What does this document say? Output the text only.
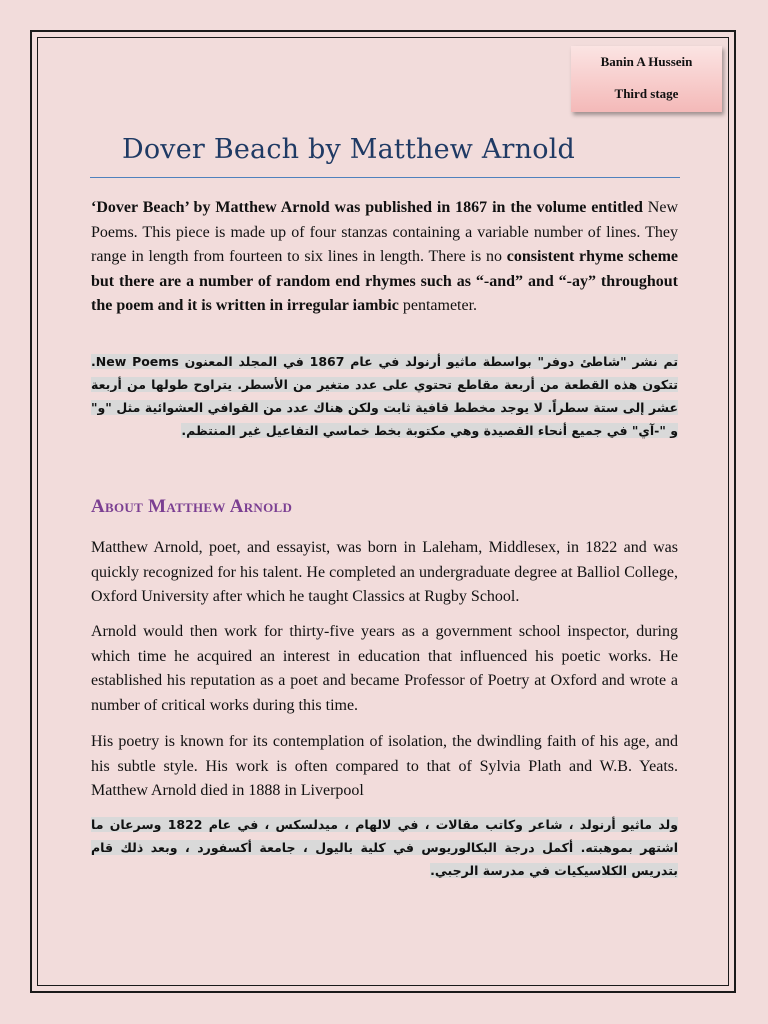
Banin A Hussein
Third stage
Dover Beach by Matthew Arnold

‘Dover Beach’ by Matthew Arnold was published in 1867 in the volume entitled New Poems. This piece is made up of four stanzas containing a variable number of lines. They range in length from fourteen to six lines in length. There is no consistent rhyme scheme but there are a number of random end rhymes such as “-and” and “-ay” throughout the poem and it is written in irregular iambic pentameter.

تم نشر "شاطئ دوفر" بواسطة ماثيو أرنولد في عام 1867 في المجلد المعنون New Poems. تتكون هذه القطعة من أربعة مقاطع تحتوي على عدد متغير من الأسطر. يتراوح طولها من أربعة عشر إلى ستة سطراً. لا يوجد مخطط قافية ثابت ولكن هناك عدد من القوافي العشوائية مثل "و" و "-آي" في جميع أنحاء القصيدة وهي مكتوبة بخط خماسي التفاعيل غير المنتظم.

About Matthew Arnold

Matthew Arnold, poet, and essayist, was born in Laleham, Middlesex, in 1822 and was quickly recognized for his talent. He completed an undergraduate degree at Balliol College, Oxford University after which he taught Classics at Rugby School.

Arnold would then work for thirty-five years as a government school inspector, during which time he acquired an interest in education that influenced his poetic works. He established his reputation as a poet and became Professor of Poetry at Oxford and wrote a number of critical works during this time.

His poetry is known for its contemplation of isolation, the dwindling faith of his age, and his subtle style. His work is often compared to that of Sylvia Plath and W.B. Yeats. Matthew Arnold died in 1888 in Liverpool

ولد ماثيو أرنولد ، شاعر وكاتب مقالات ، في لالهام ، ميدلسكس ، في عام 1822 وسرعان ما اشتهر بموهبته. أكمل درجة البكالوريوس في كلية باليول ، جامعة أكسفورد ، وبعد ذلك قام بتدريس الكلاسيكيات في مدرسة الرجبي.
